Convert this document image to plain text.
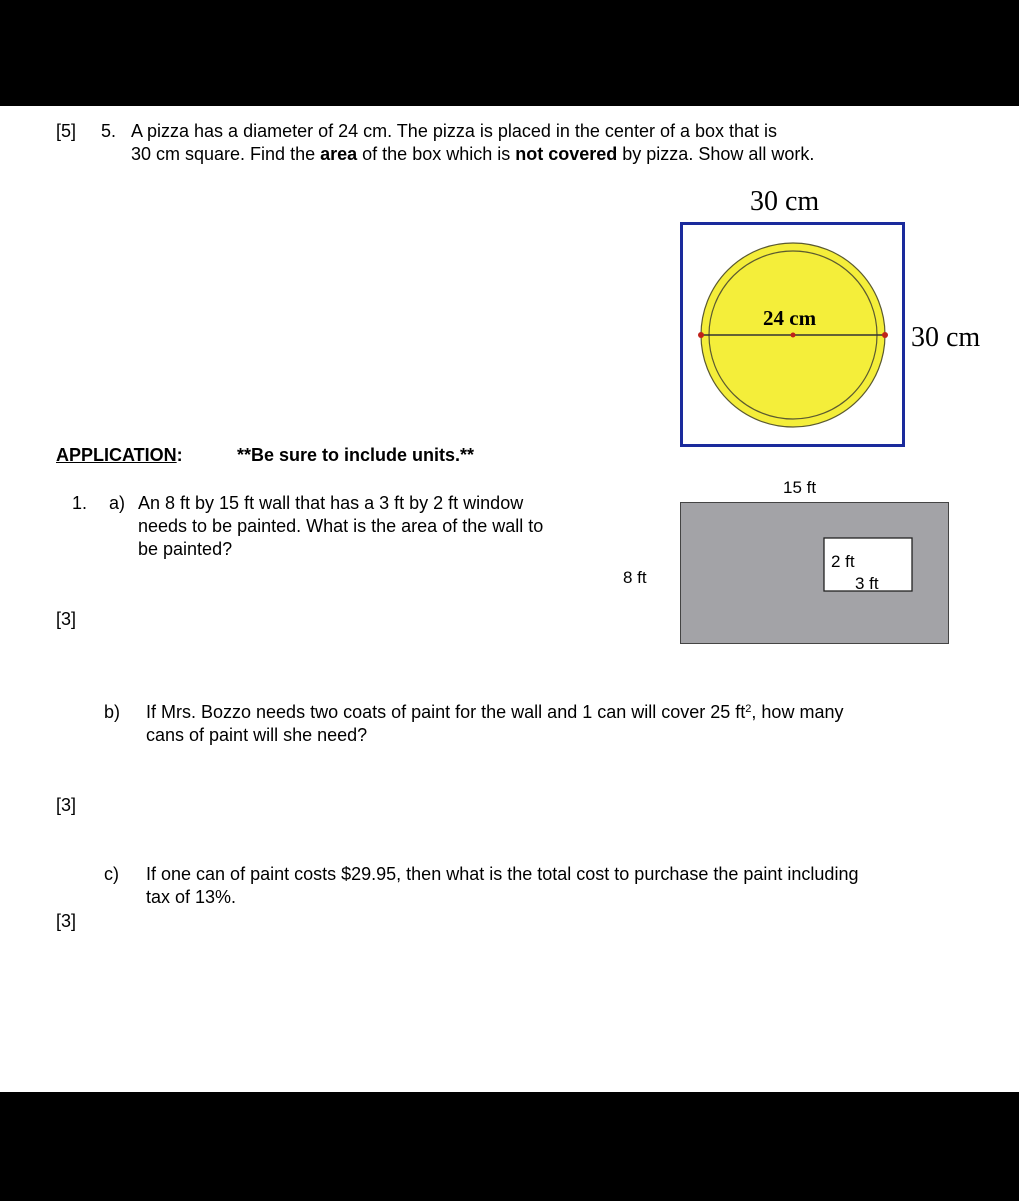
[5] 5. A pizza has a diameter of 24 cm. The pizza is placed in the center of a box that is
30 cm square. Find the area of the box which is not covered by pizza. Show all work.
30 cm
30 cm
24 cm
APPLICATION:	**Be sure to include units.**
1. a) An 8 ft by 15 ft wall that has a 3 ft by 2 ft window
needs to be painted. What is the area of the wall to
be painted?
[3]
15 ft
8 ft
2 ft
3 ft
b) If Mrs. Bozzo needs two coats of paint for the wall and 1 can will cover 25 $ft^2$, how many
cans of paint will she need?
[3]
c) If one can of paint costs $29.95, then what is the total cost to purchase the paint including
tax of 13%.
[3]
